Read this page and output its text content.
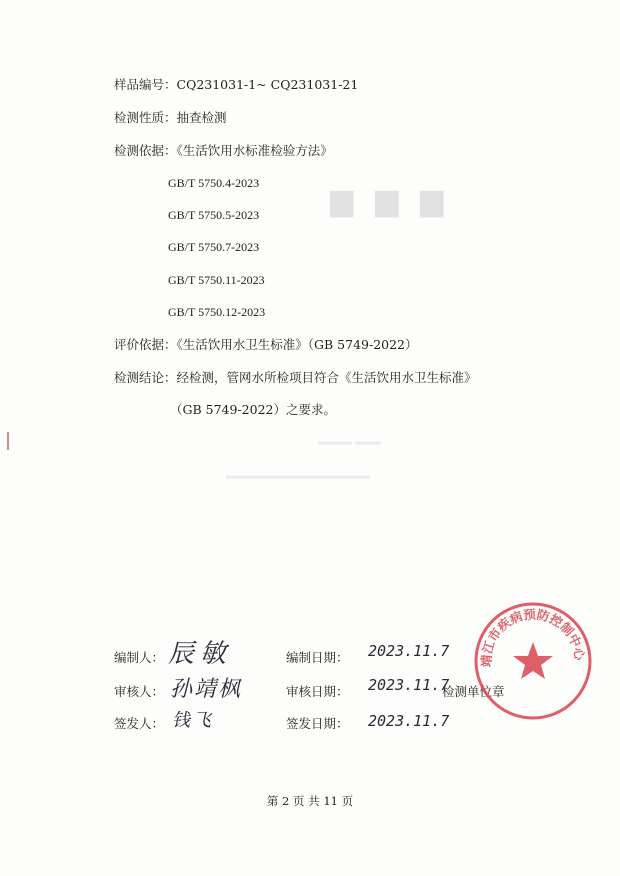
▆▆▆
样品编号：CQ231031-1~ CQ231031-21
检测性质：抽查检测
检测依据：《生活饮用水标准检验方法》
GB/T 5750.4-2023
GB/T 5750.5-2023
GB/T 5750.7-2023
GB/T 5750.11-2023
GB/T 5750.12-2023
评价依据：《生活饮用水卫生标准》（GB 5749-2022）
检测结论：经检测，管网水所检项目符合《生活饮用水卫生标准》
（GB 5749-2022）之要求。
▂▂▂▂ ▂▂▂
▂▂▂▂▂▂▂▂▂▂▂▂▂▂▂▂▂
编制人： 辰敏	编制日期： 2023.11.7
审核人： 孙靖枫	审核日期： 2023.11.7
检测单位章
签发人： 钱飞	签发日期： 2023.11.7
靖江市疾病预防控制中心
第 2 页 共 11 页
